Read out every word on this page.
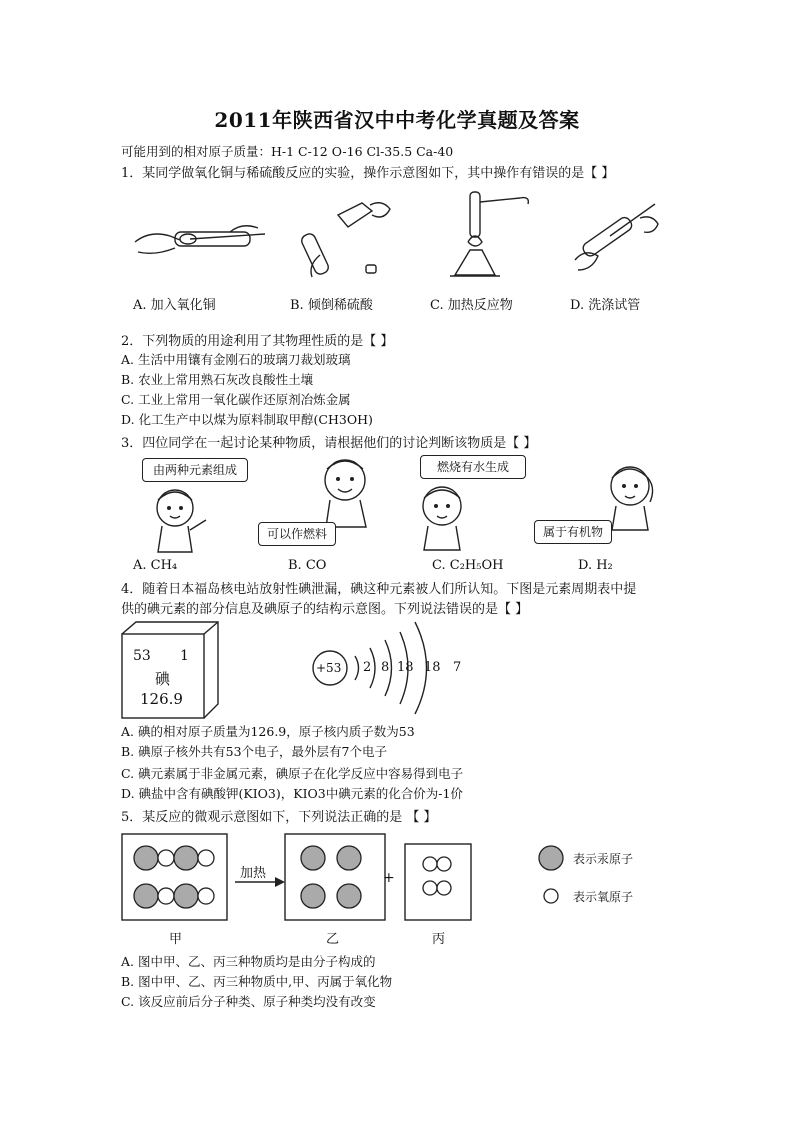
2011年陕西省汉中中考化学真题及答案
可能用到的相对原子质量：H-1 C-12 O-16 Cl-35.5 Ca-40
1．某同学做氧化铜与稀硫酸反应的实验，操作示意图如下，其中操作有错误的是【 】
A. 加入氧化铜	B. 倾倒稀硫酸	C. 加热反应物	D. 洗涤试管
2．下列物质的用途利用了其物理性质的是【 】
A. 生活中用镶有金刚石的玻璃刀裁划玻璃
B. 农业上常用熟石灰改良酸性土壤
C. 工业上常用一氧化碳作还原剂冶炼金属
D. 化工生产中以煤为原料制取甲醇(CH3OH)
3．四位同学在一起讨论某种物质，请根据他们的讨论判断该物质是【 】
由两种元素组成
可以作燃料
燃烧有水生成
属于有机物
A. CH₄	B. CO	C. C₂H₅OH	D. H₂
4．随着日本福岛核电站放射性碘泄漏，碘这种元素被人们所认知。下图是元素周期表中提
供的碘元素的部分信息及碘原子的结构示意图。下列说法错误的是【 】
53 1
碘
126.9
+53 2 8 18 18 7
A. 碘的相对原子质量为126.9，原子核内质子数为53
B. 碘原子核外共有53个电子，最外层有7个电子
C. 碘元素属于非金属元素，碘原子在化学反应中容易得到电子
D. 碘盐中含有碘酸钾(KIO3)，KIO3中碘元素的化合价为-1价
5．某反应的微观示意图如下，下列说法正确的是 【 】
加热	+
甲	乙	丙
表示汞原子
表示氧原子
A. 图中甲、乙、丙三种物质均是由分子构成的
B. 图中甲、乙、丙三种物质中,甲、丙属于氧化物
C. 该反应前后分子种类、原子种类均没有改变
